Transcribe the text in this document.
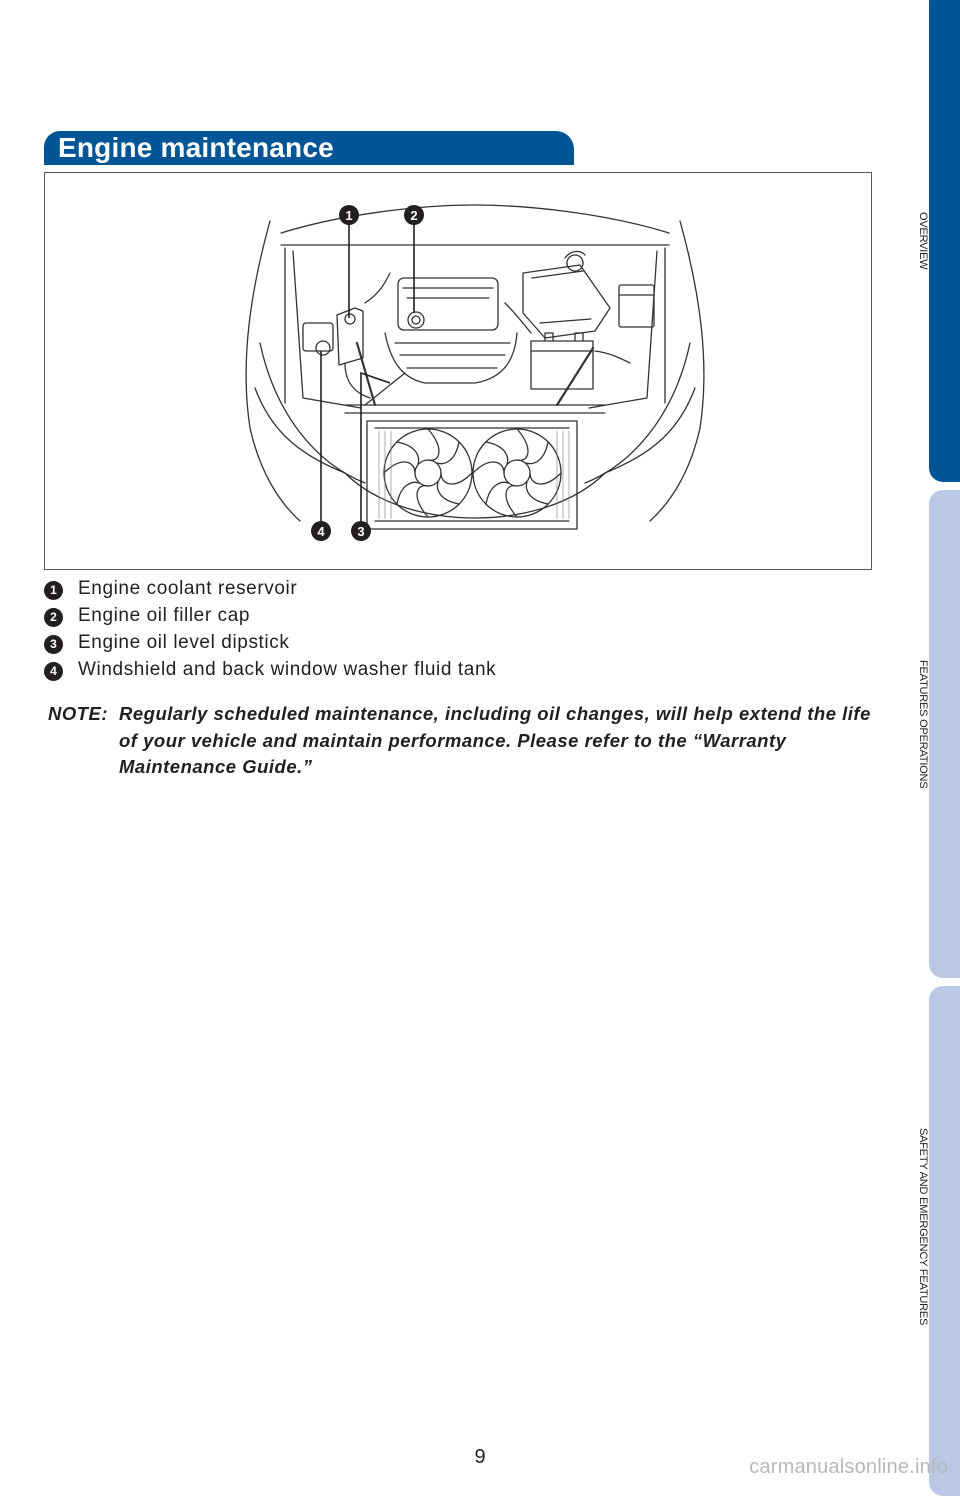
Engine maintenance
1	2
3
4
1	Engine coolant reservoir
2	Engine oil filler cap
3	Engine oil level dipstick
4	Windshield and back window washer fluid tank
NOTE: Regularly scheduled maintenance, including oil changes, will help extend the life of your vehicle and maintain performance. Please refer to the “Warranty Maintenance Guide.”
OVERVIEW
FEATURES OPERATIONS
SAFETY AND EMERGENCY FEATURES
9	carmanualsonline.info
